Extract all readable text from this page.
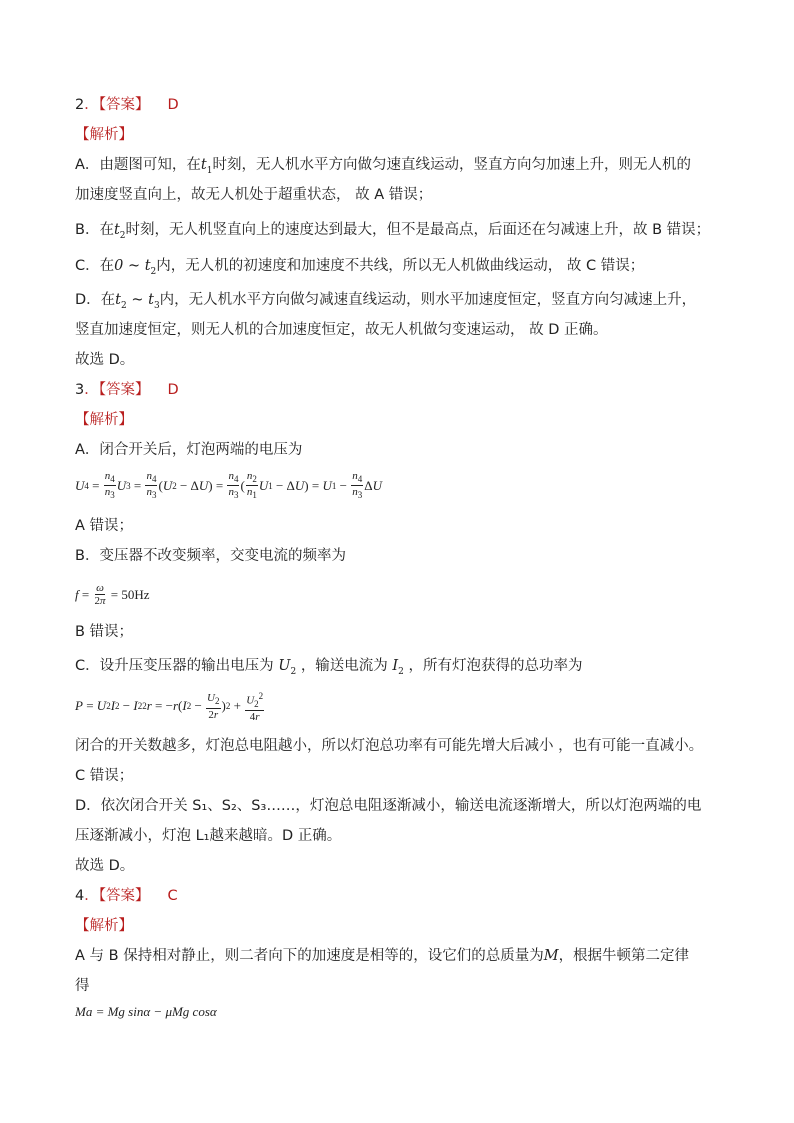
2．【答案】 D
【解析】
A．由题图可知，在$t_1$时刻，无人机水平方向做匀速直线运动，竖直方向匀加速上升，则无人机的
加速度竖直向上，故无人机处于超重状态， 故 A 错误；
B．在$t_2$时刻，无人机竖直向上的速度达到最大，但不是最高点，后面还在匀减速上升，故 B 错误；
C．在0 ~ $t_2$内，无人机的初速度和加速度不共线，所以无人机做曲线运动， 故 C 错误；
D．在$t_2$ ~ $t_3$内，无人机水平方向做匀减速直线运动，则水平加速度恒定，竖直方向匀减速上升，
竖直加速度恒定，则无人机的合加速度恒定，故无人机做匀变速运动， 故 D 正确。
故选 D。
3．【答案】 D
【解析】
A．闭合开关后，灯泡两端的电压为
U $4 = \frac{n_4}{n_3}$ U $3 = \frac{n_4}{n_3}$ ( U 2 − Δ U ) = $\frac{n_4}{n_3}$ ( $\frac{n_2}{n_1}$ U 1 − Δ U ) = U $1 - \frac{n_4}{n_3}$ Δ U
A 错误；
B．变压器不改变频率，交变电流的频率为
$f = \frac{\omega}{2\pi} = 50Hz$
B 错误；
C．设升压变压器的输出电压为 $U_2$ ，输送电流为 $I_2$ ，所有灯泡获得的总功率为
P = U 2 I 2 − I 2 2 r = − r ( I $2 - \frac{U_2}{2r}$ ) $2 + \frac{U_2^2}{4r}$
闭合的开关数越多，灯泡总电阻越小，所以灯泡总功率有可能先增大后减小 ，也有可能一直减小。
C 错误；
D．依次闭合开关 S₁、S₂、S₃……，灯泡总电阻逐渐减小，输送电流逐渐增大，所以灯泡两端的电
压逐渐减小，灯泡 L₁越来越暗。D 正确。
故选 D。
4．【答案】 C
【解析】
A 与 B 保持相对静止，则二者向下的加速度是相等的，设它们的总质量为M，根据牛顿第二定律
得
Ma = Mg sinα − μMg cosα
